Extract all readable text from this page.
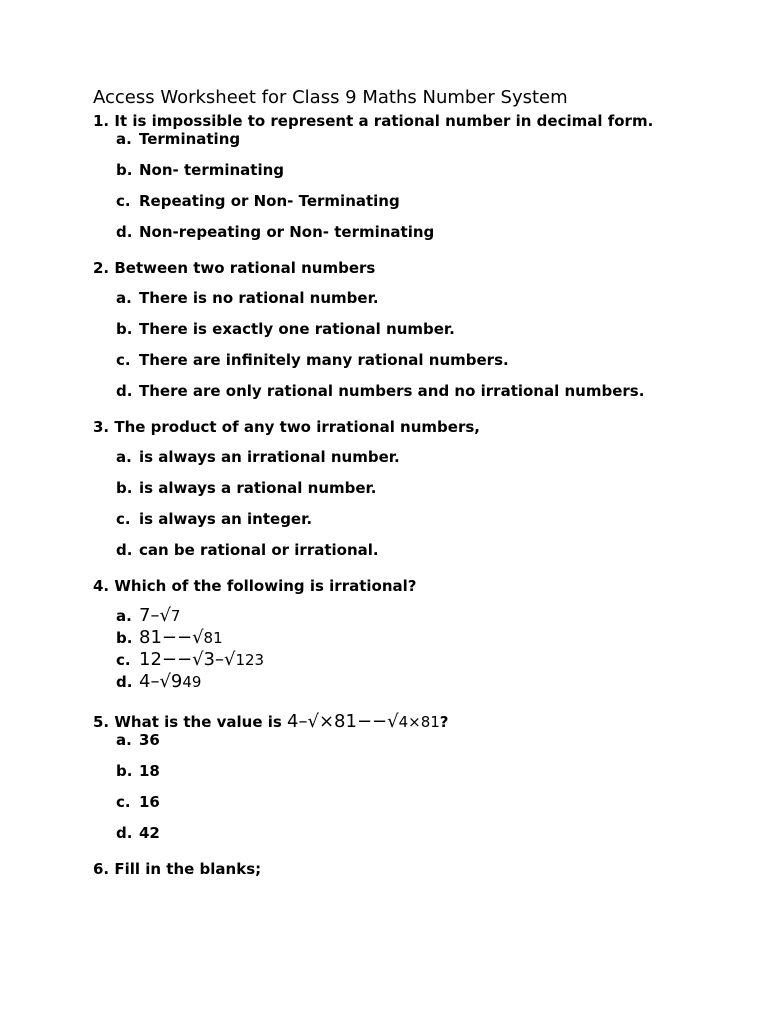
Access Worksheet for Class 9 Maths Number System
1. It is impossible to represent a rational number in decimal form.
a. Terminating
b. Non- terminating
c. Repeating or Non- Terminating
d. Non-repeating or Non- terminating
2. Between two rational numbers
a. There is no rational number.
b. There is exactly one rational number.
c. There are infinitely many rational numbers.
d. There are only rational numbers and no irrational numbers.
3. The product of any two irrational numbers,
a. is always an irrational number.
b. is always a rational number.
c. is always an integer.
d. can be rational or irrational.
4. Which of the following is irrational?
a. 7–√7
b. 81−−√81
c. 12−−√3–√123
d. 4–√949
5. What is the value is 4–√×81−−√4×81?
a. 36
b. 18
c. 16
d. 42
6. Fill in the blanks;
